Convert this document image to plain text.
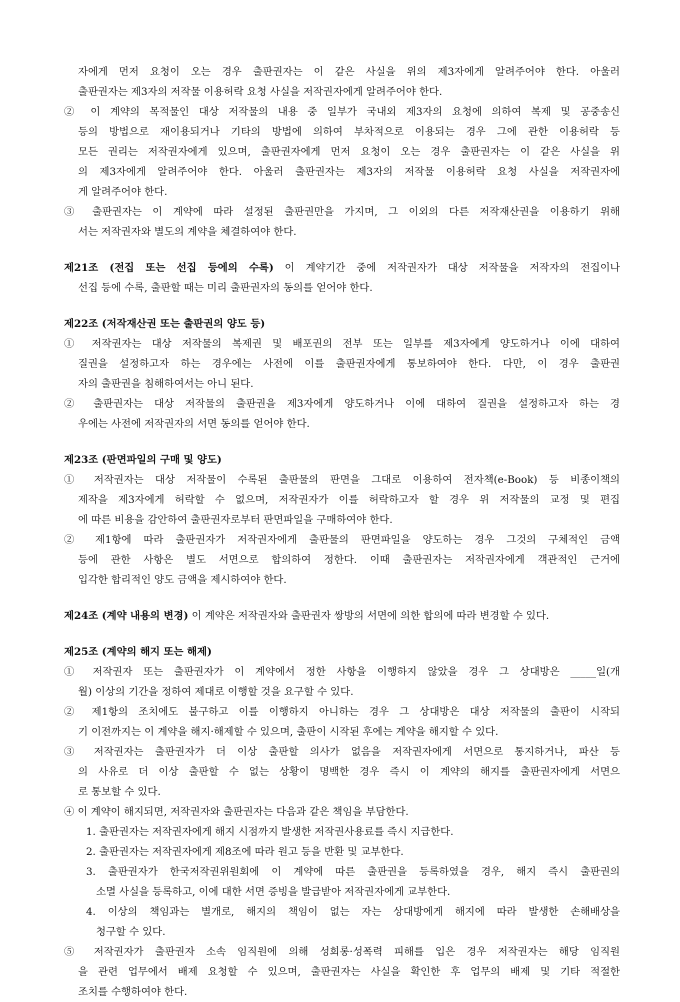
자에게 먼저 요청이 오는 경우 출판권자는 이 같은 사실을 위의 제3자에게 알려주어야 한다. 아울러
출판권자는 제3자의 저작물 이용허락 요청 사실을 저작권자에게 알려주어야 한다.
② 이 계약의 목적물인 대상 저작물의 내용 중 일부가 국내외 제3자의 요청에 의하여 복제 및 공중송신
등의 방법으로 재이용되거나 기타의 방법에 의하여 부차적으로 이용되는 경우 그에 관한 이용허락 등
모든 권리는 저작권자에게 있으며, 출판권자에게 먼저 요청이 오는 경우 출판권자는 이 같은 사실을 위
의 제3자에게 알려주어야 한다. 아울러 출판권자는 제3자의 저작물 이용허락 요청 사실을 저작권자에
게 알려주어야 한다.
③ 출판권자는 이 계약에 따라 설정된 출판권만을 가지며, 그 이외의 다른 저작재산권을 이용하기 위해
서는 저작권자와 별도의 계약을 체결하여야 한다.
제21조 (전집 또는 선집 등에의 수록) 이 계약기간 중에 저작권자가 대상 저작물을 저작자의 전집이나
선집 등에 수록, 출판할 때는 미리 출판권자의 동의를 얻어야 한다.
제22조 (저작재산권 또는 출판권의 양도 등)
① 저작권자는 대상 저작물의 복제권 및 배포권의 전부 또는 일부를 제3자에게 양도하거나 이에 대하여
질권을 설정하고자 하는 경우에는 사전에 이를 출판권자에게 통보하여야 한다. 다만, 이 경우 출판권
자의 출판권을 침해하여서는 아니 된다.
② 출판권자는 대상 저작물의 출판권을 제3자에게 양도하거나 이에 대하여 질권을 설정하고자 하는 경
우에는 사전에 저작권자의 서면 동의를 얻어야 한다.
제23조 (판면파일의 구매 및 양도)
① 저작권자는 대상 저작물이 수록된 출판물의 판면을 그대로 이용하여 전자책(e-Book) 등 비종이책의
제작을 제3자에게 허락할 수 없으며, 저작권자가 이를 허락하고자 할 경우 위 저작물의 교정 및 편집
에 따른 비용을 감안하여 출판권자로부터 판면파일을 구매하여야 한다.
② 제1항에 따라 출판권자가 저작권자에게 출판물의 판면파일을 양도하는 경우 그것의 구체적인 금액
등에 관한 사항은 별도 서면으로 합의하여 정한다. 이때 출판권자는 저작권자에게 객관적인 근거에
입각한 합리적인 양도 금액을 제시하여야 한다.
제24조 (계약 내용의 변경) 이 계약은 저작권자와 출판권자 쌍방의 서면에 의한 합의에 따라 변경할 수 있다.
제25조 (계약의 해지 또는 해제)
① 저작권자 또는 출판권자가 이 계약에서 정한 사항을 이행하지 않았을 경우 그 상대방은 _____일(개
월) 이상의 기간을 정하여 제대로 이행할 것을 요구할 수 있다.
② 제1항의 조치에도 불구하고 이를 이행하지 아니하는 경우 그 상대방은 대상 저작물의 출판이 시작되
기 이전까지는 이 계약을 해지·해제할 수 있으며, 출판이 시작된 후에는 계약을 해지할 수 있다.
③ 저작권자는 출판권자가 더 이상 출판할 의사가 없음을 저작권자에게 서면으로 통지하거나, 파산 등
의 사유로 더 이상 출판할 수 없는 상황이 명백한 경우 즉시 이 계약의 해지를 출판권자에게 서면으
로 통보할 수 있다.
④ 이 계약이 해지되면, 저작권자와 출판권자는 다음과 같은 책임을 부담한다.
1. 출판권자는 저작권자에게 해지 시점까지 발생한 저작권사용료를 즉시 지급한다.
2. 출판권자는 저작권자에게 제8조에 따라 원고 등을 반환 및 교부한다.
3. 출판권자가 한국저작권위원회에 이 계약에 따른 출판권을 등록하였을 경우, 해지 즉시 출판권의
소멸 사실을 등록하고, 이에 대한 서면 증빙을 발급받아 저작권자에게 교부한다.
4. 이상의 책임과는 별개로, 해지의 책임이 없는 자는 상대방에게 해지에 따라 발생한 손해배상을
청구할 수 있다.
⑤ 저작권자가 출판권자 소속 임직원에 의해 성희롱·성폭력 피해를 입은 경우 저작권자는 해당 임직원
을 관련 업무에서 배제 요청할 수 있으며, 출판권자는 사실을 확인한 후 업무의 배제 및 기타 적절한
조치를 수행하여야 한다.
